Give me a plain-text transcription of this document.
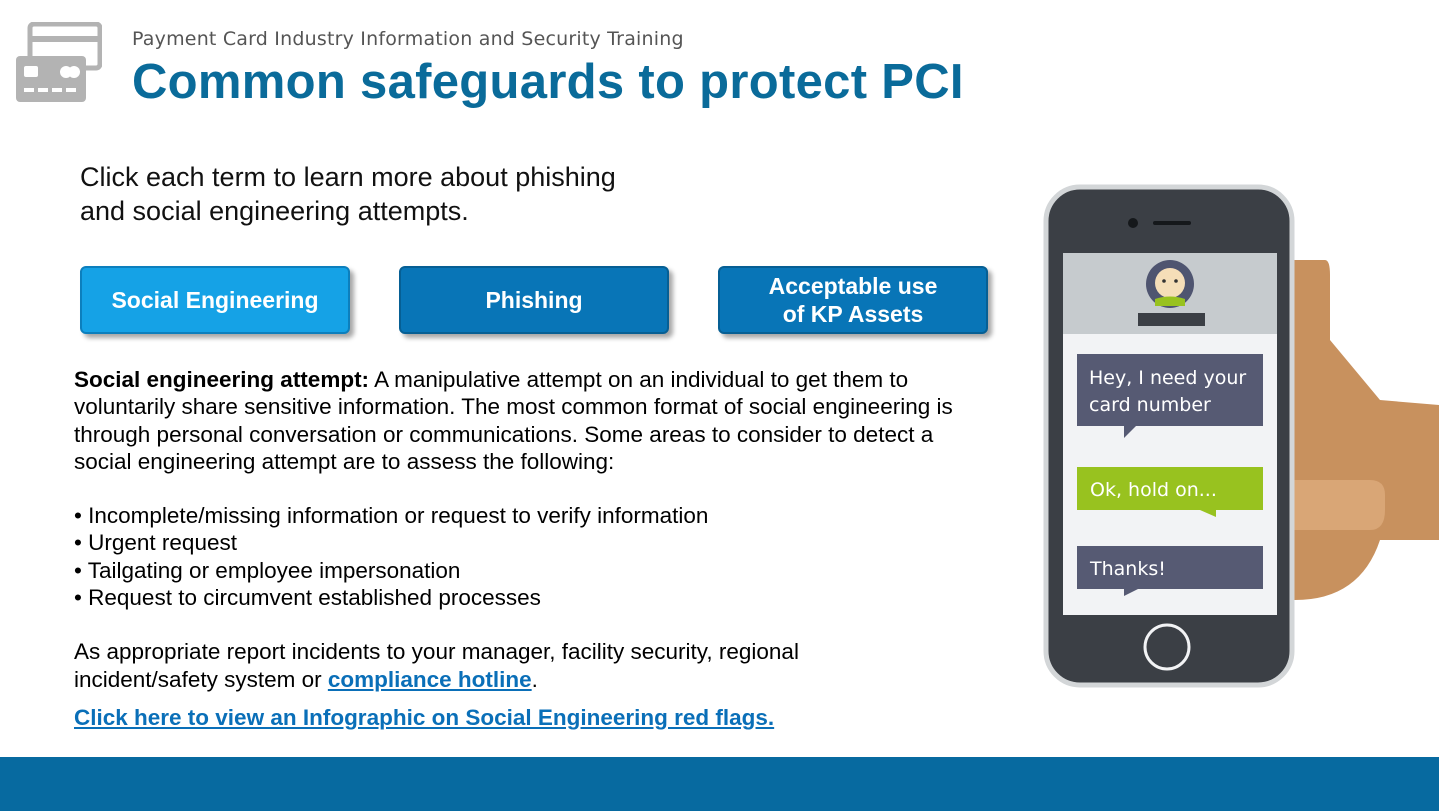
Payment Card Industry Information and Security Training
Common safeguards to protect PCI
Click each term to learn more about phishing
and social engineering attempts.
Social Engineering	Phishing
Acceptable use
of KP Assets

Social engineering attempt: A manipulative attempt on an individual to get them to voluntarily share sensitive information. The most common format of social engineering is through personal conversation or communications. Some areas to consider to detect a social engineering attempt are to assess the following:

• Incomplete/missing information or request to verify information
• Urgent request
• Tailgating or employee impersonation
• Request to circumvent established processes

As appropriate report incidents to your manager, facility security, regional incident/safety system or compliance hotline.

Click here to view an Infographic on Social Engineering red flags.
Hey, I need your
card number
Ok, hold on...
Thanks!
